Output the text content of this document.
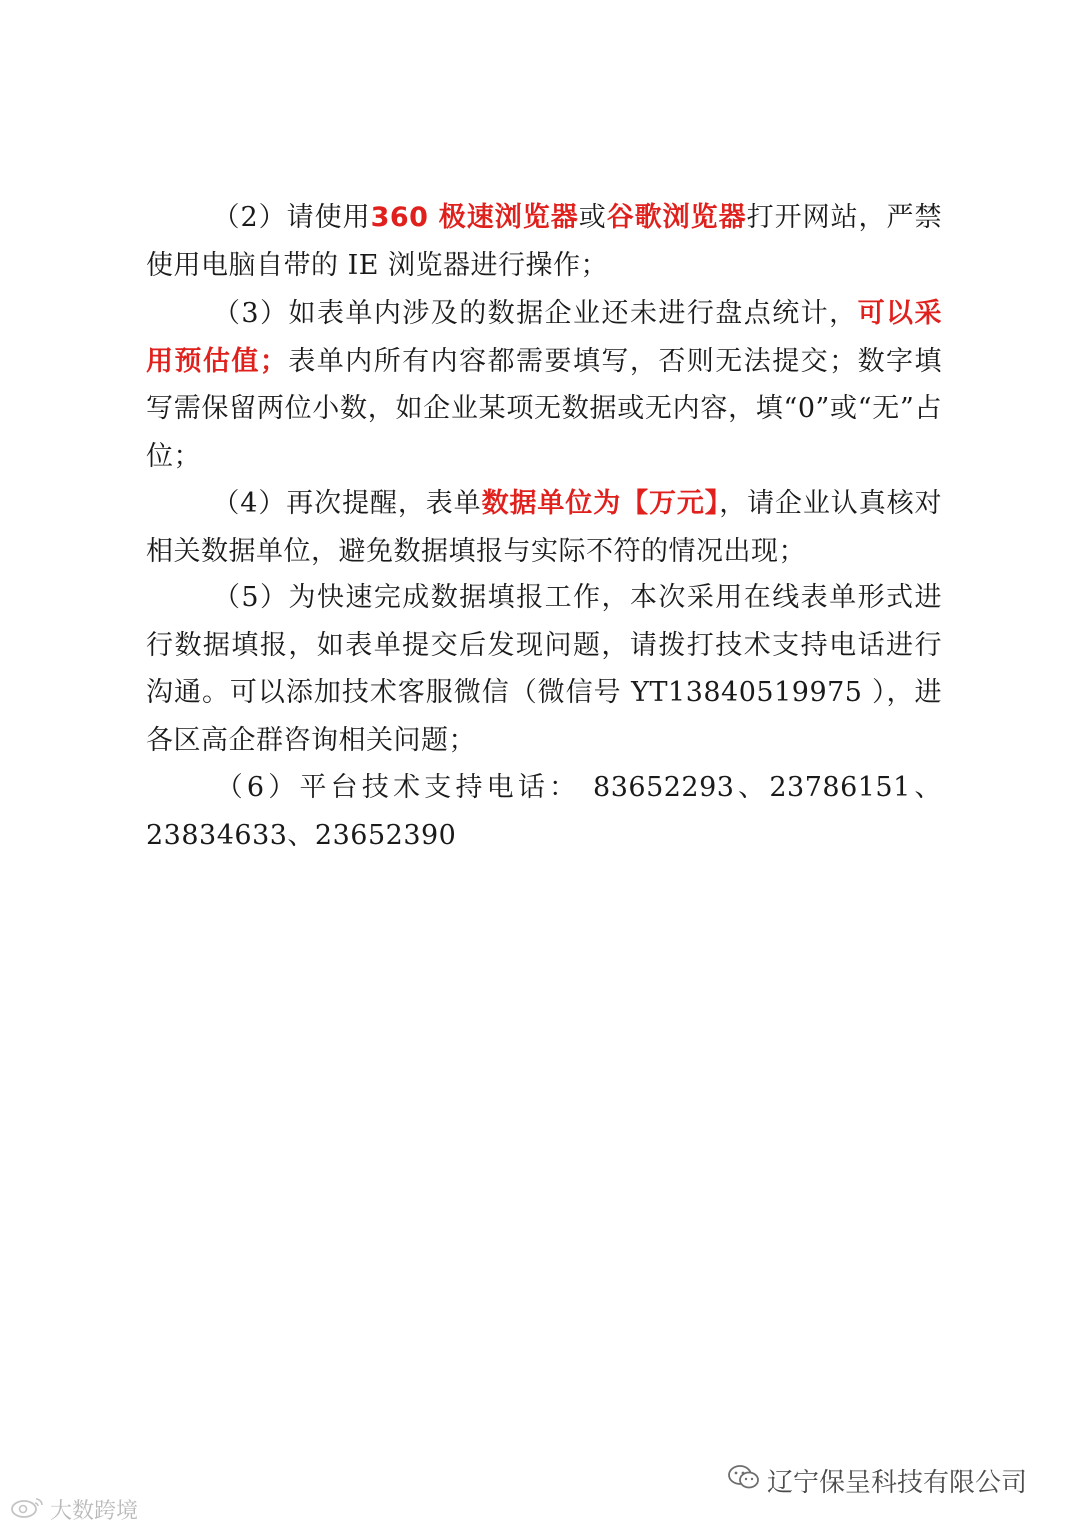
（2）请使用360 极速浏览器或谷歌浏览器打开网站，严禁使用电脑自带的 IE 浏览器进行操作；

（3）如表单内涉及的数据企业还未进行盘点统计，可以采用预估值；表单内所有内容都需要填写，否则无法提交；数字填写需保留两位小数，如企业某项无数据或无内容，填“0”或“无”占位；

（4）再次提醒，表单数据单位为【万元】，请企业认真核对相关数据单位，避免数据填报与实际不符的情况出现；

（5）为快速完成数据填报工作，本次采用在线表单形式进行数据填报，如表单提交后发现问题，请拨打技术支持电话进行沟通。可以添加技术客服微信（微信号 YT13840519975 ），进各区高企群咨询相关问题；

（6）平台技术支持电话： 83652293、23786151、23834633、23652390

辽宁保呈科技有限公司
大数跨境
